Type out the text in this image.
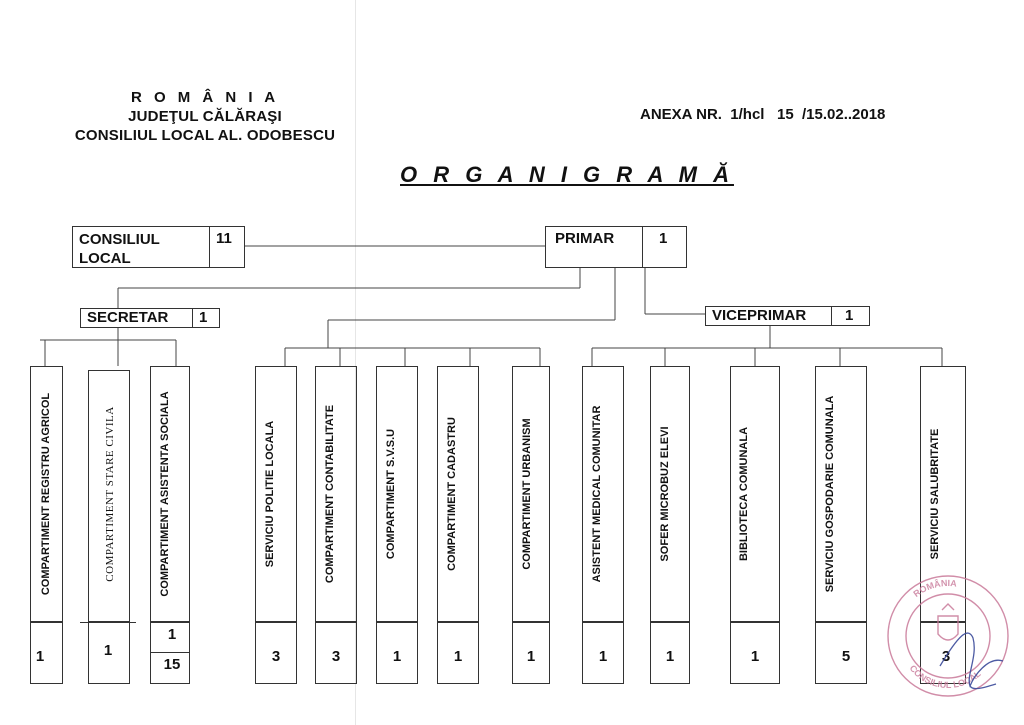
R O M Â N I A
JUDEŢUL CĂLĂRAŞI
CONSILIUL LOCAL AL. ODOBESCU
ANEXA NR.  1/hcl   15  /15.02..2018
O R G A N I G R A M Ă
CONSILIUL
LOCAL
11	PRIMAR	1
SECRETAR 1	VICEPRIMAR	1
COMPARTIMENT REGISTRU AGRICOL
1
COMPARTIMENT STARE CIVILA
1
COMPARTIMENT ASISTENTA SOCIALA
1
15
SERVICIU POLITIE LOCALA
3
COMPARTIMENT CONTABILITATE
3
COMPARTIMENT S.V.S.U
1
COMPARTIMENT CADASTRU
1
COMPARTIMENT URBANISM
1
ASISTENT MEDICAL COMUNITAR
1
SOFER MICROBUZ ELEVI
1
BIBLIOTECA COMUNALA
1
SERVICIU GOSPODARIE COMUNALA
5
SERVICIU SALUBRITATE
3
ROMÂNIA
CONSILIUL LOCAL
